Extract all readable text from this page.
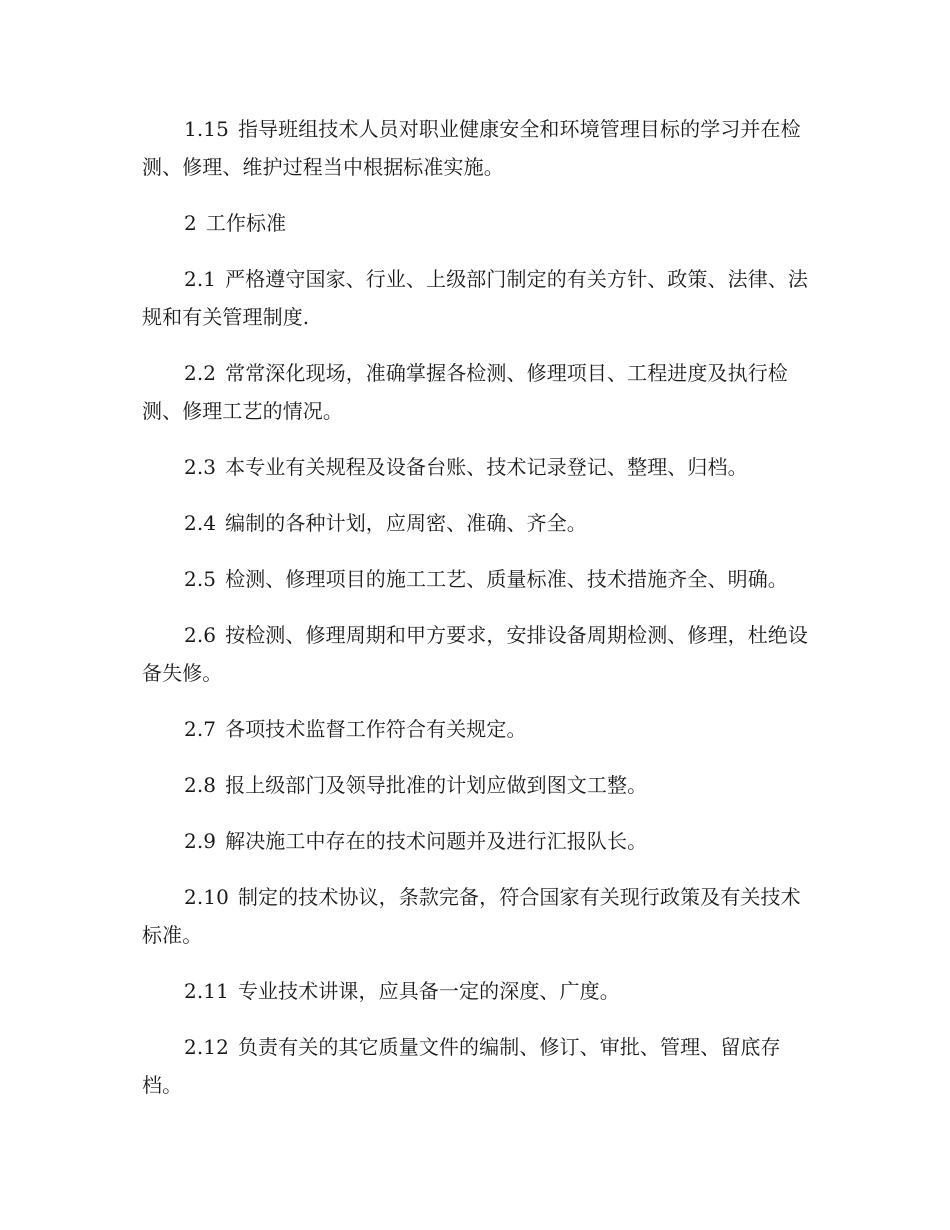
1.15 指导班组技术人员对职业健康安全和环境管理目标的学习并在检测、修理、维护过程当中根据标准实施。

2 工作标准

2.1 严格遵守国家、行业、上级部门制定的有关方针、政策、法律、法规和有关管理制度.

2.2 常常深化现场，准确掌握各检测、修理项目、工程进度及执行检测、修理工艺的情况。

2.3 本专业有关规程及设备台账、技术记录登记、整理、归档。

2.4 编制的各种计划，应周密、准确、齐全。

2.5 检测、修理项目的施工工艺、质量标准、技术措施齐全、明确。

2.6 按检测、修理周期和甲方要求，安排设备周期检测、修理，杜绝设备失修。

2.7 各项技术监督工作符合有关规定。

2.8 报上级部门及领导批准的计划应做到图文工整。

2.9 解决施工中存在的技术问题并及进行汇报队长。

2.10 制定的技术协议，条款完备，符合国家有关现行政策及有关技术标准。

2.11 专业技术讲课，应具备一定的深度、广度。

2.12 负责有关的其它质量文件的编制、修订、审批、管理、留底存档。
